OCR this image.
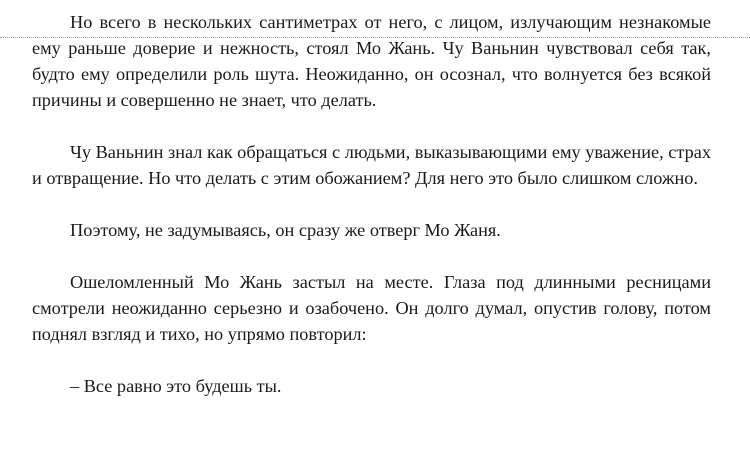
Но всего в нескольких сантиметрах от него, с лицом, излучающим незнакомые ему раньше доверие и нежность, стоял Мо Жань. Чу Ваньнин чувствовал себя так, будто ему определили роль шута. Неожиданно, он осознал, что волнуется без всякой причины и совершенно не знает, что делать.

Чу Ваньнин знал как обращаться с людьми, выказывающими ему уважение, страх и отвращение. Но что делать с этим обожанием? Для него это было слишком сложно.

Поэтому, не задумываясь, он сразу же отверг Мо Жаня.

Ошеломленный Мо Жань застыл на месте. Глаза под длинными ресницами смотрели неожиданно серьезно и озабочено. Он долго думал, опустив голову, потом поднял взгляд и тихо, но упрямо повторил:

– Все равно это будешь ты.
